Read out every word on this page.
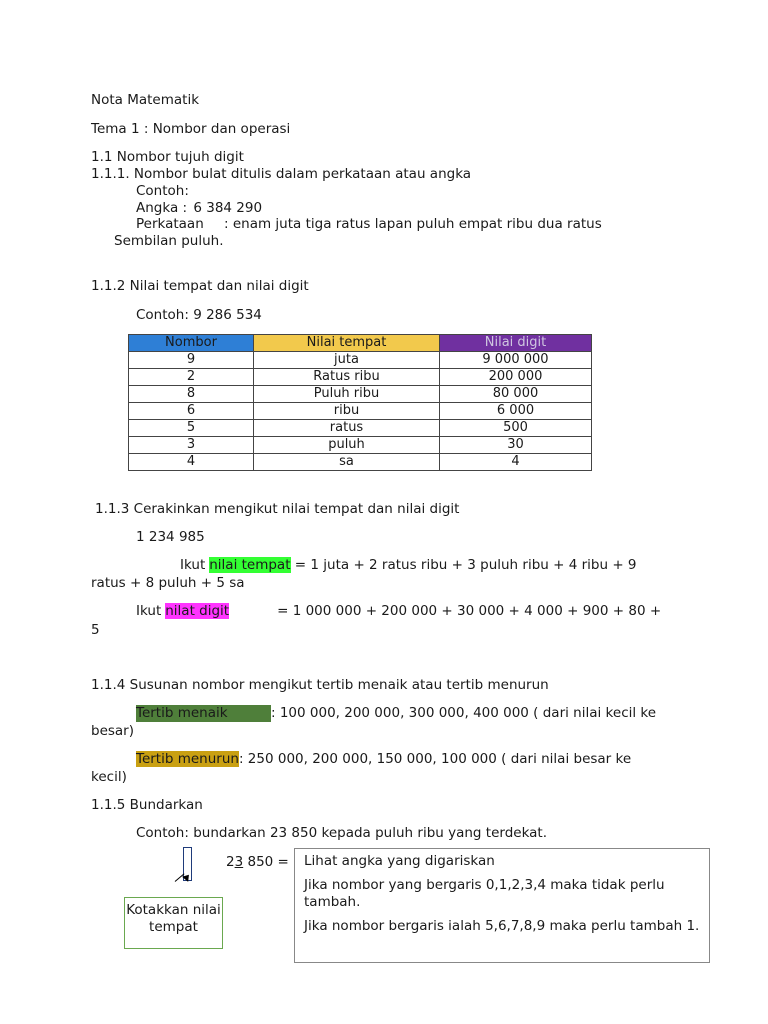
Nota Matematik
Tema 1 : Nombor dan operasi
1.1 Nombor tujuh digit
1.1.1. Nombor bulat ditulis dalam perkataan atau angka
Contoh:
Angka : 6 384 290
Perkataan : enam juta tiga ratus lapan puluh empat ribu dua ratus
Sembilan puluh.
1.1.2 Nilai tempat dan nilai digit
Contoh: 9 286 534
Nombor	Nilai tempat	Nilai digit
9	juta	9 000 000
2	Ratus ribu	200 000
8	Puluh ribu	80 000
6	ribu	6 000
5	ratus	500
3	puluh	30
4	sa	4
1.1.3 Cerakinkan mengikut nilai tempat dan nilai digit
1 234 985
Ikut nilai tempat = 1 juta + 2 ratus ribu + 3 puluh ribu + 4 ribu + 9
ratus + 8 puluh + 5 sa
Ikut nilat digit	= 1 000 000 + 200 000 + 30 000 + 4 000 + 900 + 80 +
5
1.1.4 Susunan nombor mengikut tertib menaik atau tertib menurun
Tertib menaik	: 100 000, 200 000, 300 000, 400 000 ( dari nilai kecil ke
besar)
Tertib menurun: 250 000, 200 000, 150 000, 100 000 ( dari nilai besar ke
kecil)
1.1.5 Bundarkan
Contoh: bundarkan 23 850 kepada puluh ribu yang terdekat.
23 850 =
Kotakkan nilai tempat

Lihat angka yang digariskan

Jika nombor yang bergaris 0,1,2,3,4 maka tidak perlu tambah.

Jika nombor bergaris ialah 5,6,7,8,9 maka perlu tambah 1.
